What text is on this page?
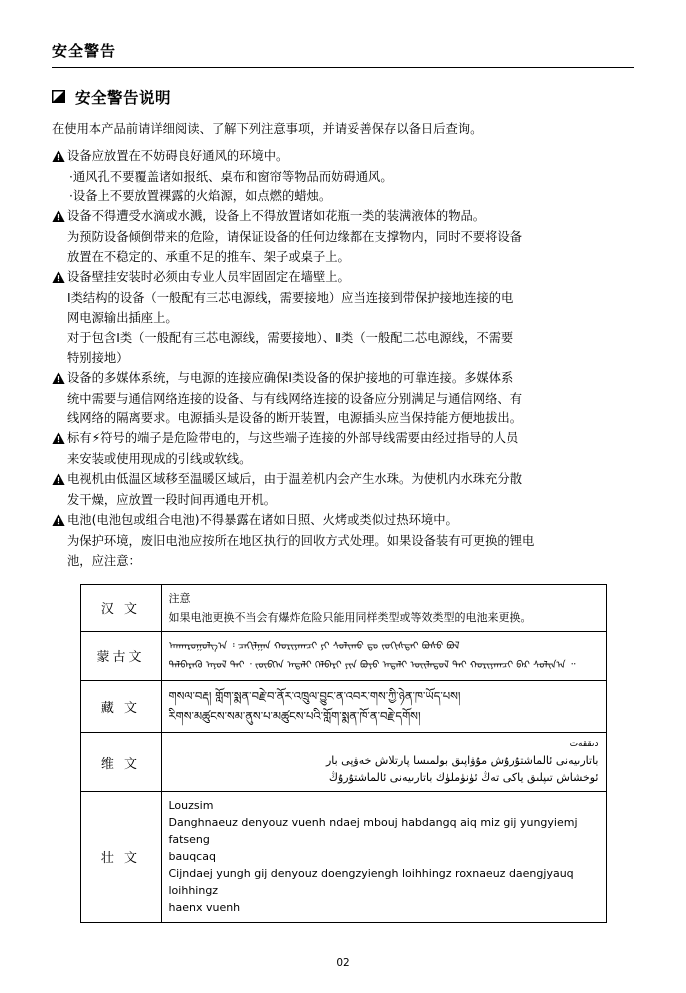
安全警告
安全警告说明
在使用本产品前请详细阅读、了解下列注意事项，并请妥善保存以备日后查询。
设备应放置在不妨碍良好通风的环境中。
·通风孔不要覆盖诸如报纸、桌布和窗帘等物品而妨碍通风。
·设备上不要放置裸露的火焰源，如点燃的蜡烛。
设备不得遭受水滴或水溅，设备上不得放置诸如花瓶一类的装满液体的物品。
为预防设备倾倒带来的危险，请保证设备的任何边缘都在支撑物内，同时不要将设备
放置在不稳定的、承重不足的推车、架子或桌子上。
设备壁挂安装时必须由专业人员牢固固定在墙壁上。
Ⅰ类结构的设备（一般配有三芯电源线，需要接地）应当连接到带保护接地连接的电
网电源输出插座上。
对于包含Ⅰ类（一般配有三芯电源线，需要接地）、Ⅱ类（一般配二芯电源线，不需要
特别接地）
设备的多媒体系统，与电源的连接应确保Ⅰ类设备的保护接地的可靠连接。多媒体系
统中需要与通信网络连接的设备、与有线网络连接的设备应分别满足与通信网络、有
线网络的隔离要求。电源插头是设备的断开装置，电源插头应当保持能方便地拔出。
标有⚡符号的端子是危险带电的，与这些端子连接的外部导线需要由经过指导的人员
来安装或使用现成的引线或软线。
电视机由低温区域移至温暖区域后，由于温差机内会产生水珠。为使机内水珠充分散
发干燥，应放置一段时间再通电开机。
电池(电池包或组合电池)不得暴露在诸如日照、火烤或类似过热环境中。
为保护环境，废旧电池应按所在地区执行的回收方式处理。如果设备装有可更换的锂电
池，应注意：
汉 文	注意
如果电池更换不当会有爆炸危险只能用同样类型或等效类型的电池来更换。

蒙古文	ᠠᠨᠬᠠᠷᠤᠭᠤᠯᠭ᠎ᠠ ᠄ ᠴᠠᠬᠢᠯᠭᠠᠨ ᠬᠤᠷᠢᠶᠠᠭᠴᠢ ᠶᠢ ᠰᠤᠯᠢᠬᠤ ᠳᠤ ᠵᠣᠬᠢᠰᠲᠠᠢ ᠪᠤᠰᠤ ᠪᠣᠯ
ᠳᠡᠯᠪᠡᠷᠡᠬᠦ ᠠᠶᠤᠯ ᠲᠠᠢ ᠂ ᠵᠥᠪᠬᠡᠨ ᠠᠳᠠᠯᠢ ᠬᠡᠯᠪᠡᠷᠢ ᠶᠢᠨ ᠪᠤᠶᠤ ᠠᠳᠠᠯᠢ ᠦᠢᠯᠡᠳᠦᠯ ᠲᠡᠢ ᠬᠤᠷᠢᠶᠠᠭᠴᠢ ᠪᠡᠷ ᠰᠣᠯᠢᠨ᠎ᠠ ᠃

藏 文	གསལ་བརྡ། གློག་སྨན་བརྗེ་བ་ནོར་འཁྲུལ་བྱུང་ན་འབར་གས་ཀྱི་ཉེན་ཁ་ཡོད་པས།
རིགས་མཚུངས་སམ་ནུས་པ་མཚུངས་པའི་གློག་སྨན་ཁོ་ན་བརྗེ་དགོས།

维 文	دىققەت
باتارىيەنى ئالماشتۇرۇش مۇۋاپىق بولمىسا پارتلاش خەۋپى بار
ئوخشاش تىپلىق ياكى تەڭ ئۈنۈملۈك باتارىيەنى ئالماشتۇرۇڭ

壮 文	Louzsim
Danghnaeuz denyouz vuenh ndaej mbouj habdangq aiq miz gij yungyiemj fatseng
bauqcaq
Cijndaej yungh gij denyouz doengzyiengh loihhingz roxnaeuz daengjyauq loihhingz
haenx vuenh
02
